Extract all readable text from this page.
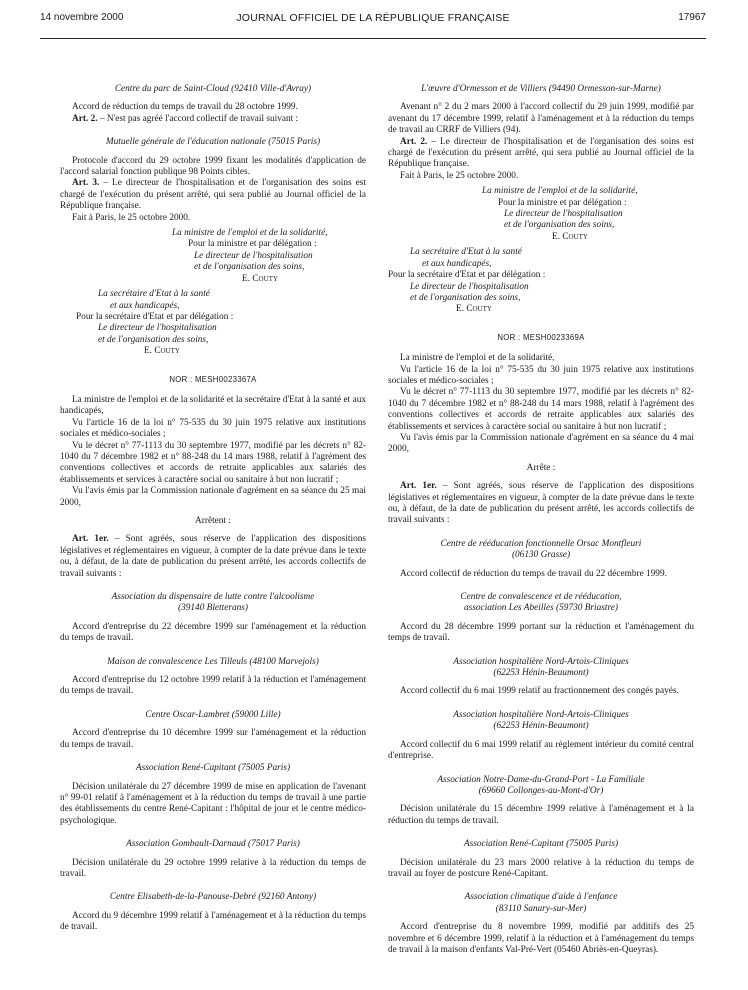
14 novembre 2000	JOURNAL OFFICIEL DE LA RÉPUBLIQUE FRANÇAISE	17967

Centre du parc de Saint-Cloud (92410 Ville-d'Avray)

Accord de réduction du temps de travail du 28 octobre 1999.

Art. 2. – N'est pas agréé l'accord collectif de travail suivant :

Mutuelle générale de l'éducation nationale (75015 Paris)

Protocole d'accord du 29 octobre 1999 fixant les modalités d'application de l'accord salarial fonction publique 98 Points cibles.

Art. 3. – Le directeur de l'hospitalisation et de l'organisation des soins est chargé de l'exécution du présent arrêté, qui sera publié au Journal officiel de la République française.

Fait à Paris, le 25 octobre 2000.

La ministre de l'emploi et de la solidarité,

Pour la ministre et par délégation :

Le directeur de l'hospitalisation

et de l'organisation des soins,

E. Couty

La secrétaire d'Etat à la santé

et aux handicapés,

Pour la secrétaire d'Etat et par délégation :

Le directeur de l'hospitalisation

et de l'organisation des soins,

E. Couty

NOR : MESH0023367A

La ministre de l'emploi et de la solidarité et la secrétaire d'Etat à la santé et aux handicapés,

Vu l'article 16 de la loi n° 75-535 du 30 juin 1975 relative aux institutions sociales et médico-sociales ;

Vu le décret n° 77-1113 du 30 septembre 1977, modifié par les décrets n° 82-1040 du 7 décembre 1982 et n° 88-248 du 14 mars 1988, relatif à l'agrément des conventions collectives et accords de retraite applicables aux salariés des établissements et services à caractère social ou sanitaire à but non lucratif ;

Vu l'avis émis par la Commission nationale d'agrément en sa séance du 25 mai 2000,

Arrêtent :

Art. 1er. – Sont agréés, sous réserve de l'application des dispositions législatives et réglementaires en vigueur, à compter de la date prévue dans le texte ou, à défaut, de la date de publication du présent arrêté, les accords collectifs de travail suivants :

Association du dispensaire de lutte contre l'alcoolisme

(39140 Bletterans)

Accord d'entreprise du 22 décembre 1999 sur l'aménagement et la réduction du temps de travail.

Maison de convalescence Les Tilleuls (48100 Marvejols)

Accord d'entreprise du 12 octobre 1999 relatif à la réduction et l'aménagement du temps de travail.

Centre Oscar-Lambret (59000 Lille)

Accord d'entreprise du 10 décembre 1999 sur l'aménagement et la réduction du temps de travail.

Association René-Capitant (75005 Paris)

Décision unilatérale du 27 décembre 1999 de mise en application de l'avenant n° 99-01 relatif à l'aménagement et à la réduction du temps de travail à une partie des établissements du centre René-Capitant : l'hôpital de jour et le centre médico-psychologique.

Association Gombault-Darnaud (75017 Paris)

Décision unilatérale du 29 octobre 1999 relative à la réduction du temps de travail.

Centre Elisabeth-de-la-Panouse-Debré (92160 Antony)

Accord du 9 décembre 1999 relatif à l'aménagement et à la réduction du temps de travail.

L'œuvre d'Ormesson et de Villiers (94490 Ormesson-sur-Marne)

Avenant n° 2 du 2 mars 2000 à l'accord collectif du 29 juin 1999, modifié par avenant du 17 décembre 1999, relatif à l'aménagement et à la réduction du temps de travail au CRRF de Villiers (94).

Art. 2. – Le directeur de l'hospitalisation et de l'organisation des soins est chargé de l'exécution du présent arrêté, qui sera publié au Journal officiel de la République française.

Fait à Paris, le 25 octobre 2000.

La ministre de l'emploi et de la solidarité,

Pour la ministre et par délégation :

Le directeur de l'hospitalisation

et de l'organisation des soins,

E. Couty

La secrétaire d'Etat à la santé

et aux handicapés,

Pour la secrétaire d'Etat et par délégation :

Le directeur de l'hospitalisation

et de l'organisation des soins,

E. Couty

NOR : MESH0023369A

La ministre de l'emploi et de la solidarité,

Vu l'article 16 de la loi n° 75-535 du 30 juin 1975 relative aux institutions sociales et médico-sociales ;

Vu le décret n° 77-1113 du 30 septembre 1977, modifié par les décrets n° 82-1040 du 7 décembre 1982 et n° 88-248 du 14 mars 1988, relatif à l'agrément des conventions collectives et accords de retraite applicables aux salariés des établissements et services à caractère social ou sanitaire à but non lucratif ;

Vu l'avis émis par la Commission nationale d'agrément en sa séance du 4 mai 2000,

Arrête :

Art. 1er. – Sont agréés, sous réserve de l'application des dispositions législatives et réglementaires en vigueur, à compter de la date prévue dans le texte ou, à défaut, de la date de publication du présent arrêté, les accords collectifs de travail suivants :

Centre de rééducation fonctionnelle Orsac Montfleuri

(06130 Grasse)

Accord collectif de réduction du temps de travail du 22 décembre 1999.

Centre de convalescence et de rééducation,

association Les Abeilles (59730 Briastre)

Accord du 28 décembre 1999 portant sur la réduction et l'aménagement du temps de travail.

Association hospitalière Nord-Artois-Cliniques

(62253 Hénin-Beaumont)

Accord collectif du 6 mai 1999 relatif au fractionnement des congés payés.

Association hospitalière Nord-Artois-Cliniques

(62253 Hénin-Beaumont)

Accord collectif du 6 mai 1999 relatif au règlement intérieur du comité central d'entreprise.

Association Notre-Dame-du-Grand-Port - La Familiale

(69660 Collonges-au-Mont-d'Or)

Décision unilatérale du 15 décembre 1999 relative à l'aménagement et à la réduction du temps de travail.

Association René-Capitant (75005 Paris)

Décision unilatérale du 23 mars 2000 relative à la réduction du temps de travail au foyer de postcure René-Capitant.

Association climatique d'aide à l'enfance

(83110 Sanary-sur-Mer)

Accord d'entreprise du 8 novembre 1999, modifié par additifs des 25 novembre et 6 décembre 1999, relatif à la réduction et à l'aménagement du temps de travail à la maison d'enfants Val-Pré-Vert (05460 Abriès-en-Queyras).
